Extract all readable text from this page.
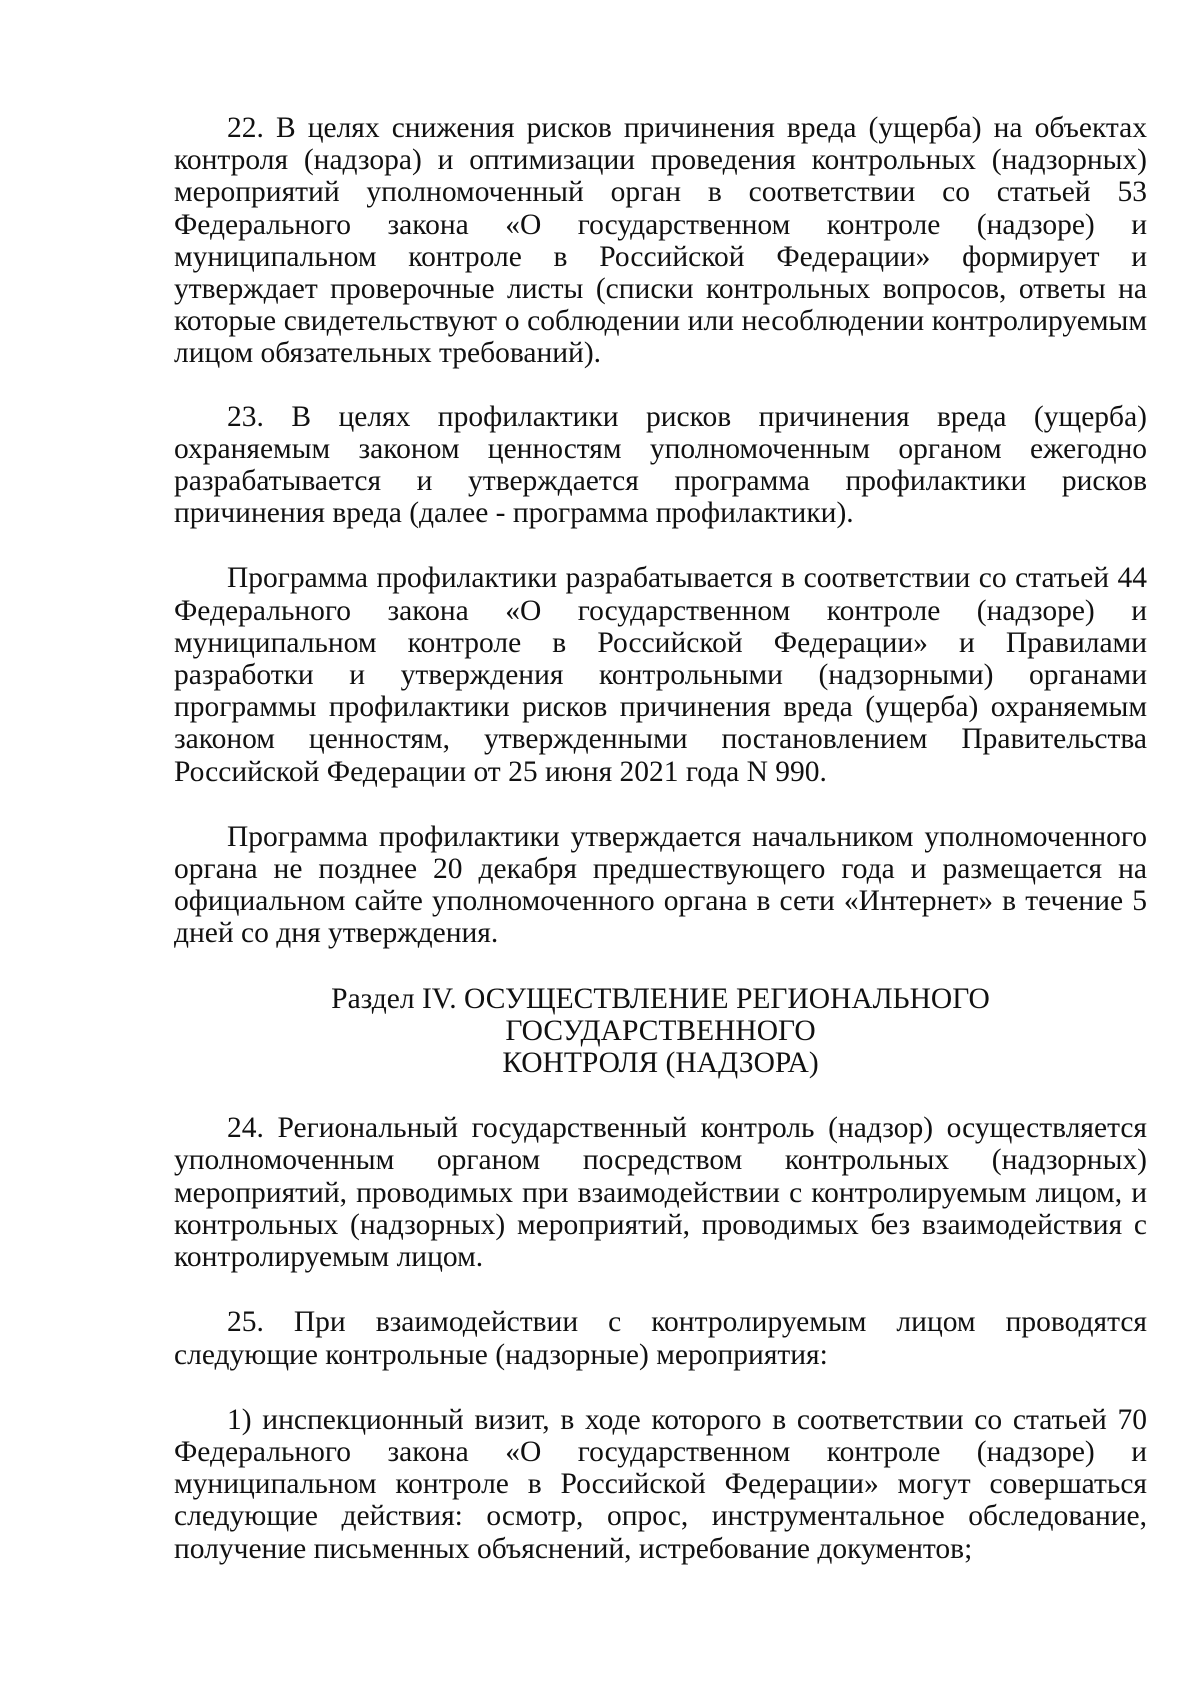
22. В целях снижения рисков причинения вреда (ущерба) на объектах контроля (надзора) и оптимизации проведения контрольных (надзорных) мероприятий уполномоченный орган в соответствии со статьей 53 Федерального закона «О государственном контроле (надзоре) и муниципальном контроле в Российской Федерации» формирует и утверждает проверочные листы (списки контрольных вопросов, ответы на которые свидетельствуют о соблюдении или несоблюдении контролируемым лицом обязательных требований).

23. В целях профилактики рисков причинения вреда (ущерба) охраняемым законом ценностям уполномоченным органом ежегодно разрабатывается и утверждается программа профилактики рисков причинения вреда (далее - программа профилактики).

Программа профилактики разрабатывается в соответствии со статьей 44 Федерального закона «О государственном контроле (надзоре) и муниципальном контроле в Российской Федерации» и Правилами разработки и утверждения контрольными (надзорными) органами программы профилактики рисков причинения вреда (ущерба) охраняемым законом ценностям, утвержденными постановлением Правительства Российской Федерации от 25 июня 2021 года N 990.

Программа профилактики утверждается начальником уполномоченного органа не позднее 20 декабря предшествующего года и размещается на официальном сайте уполномоченного органа в сети «Интернет» в течение 5 дней со дня утверждения.

Раздел IV. ОСУЩЕСТВЛЕНИЕ РЕГИОНАЛЬНОГО ГОСУДАРСТВЕННОГО
КОНТРОЛЯ (НАДЗОРА)

24. Региональный государственный контроль (надзор) осуществляется уполномоченным органом посредством контрольных (надзорных) мероприятий, проводимых при взаимодействии с контролируемым лицом, и контрольных (надзорных) мероприятий, проводимых без взаимодействия с контролируемым лицом.

25. При взаимодействии с контролируемым лицом проводятся следующие контрольные (надзорные) мероприятия:

1) инспекционный визит, в ходе которого в соответствии со статьей 70 Федерального закона «О государственном контроле (надзоре) и муниципальном контроле в Российской Федерации» могут совершаться следующие действия: осмотр, опрос, инструментальное обследование, получение письменных объяснений, истребование документов;
